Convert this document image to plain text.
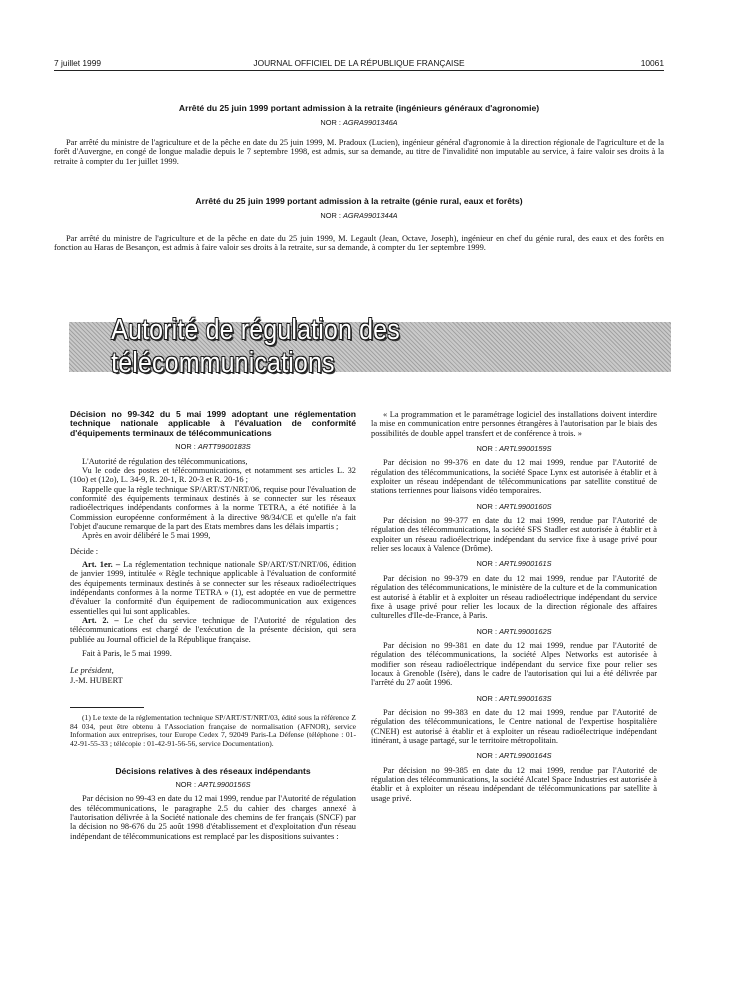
7 juillet 1999	JOURNAL OFFICIEL DE LA RÉPUBLIQUE FRANÇAISE	10061
Arrêté du 25 juin 1999 portant admission à la retraite (ingénieurs généraux d'agronomie)
NOR : AGRA9901346A

Par arrêté du ministre de l'agriculture et de la pêche en date du 25 juin 1999, M. Pradoux (Lucien), ingénieur général d'agronomie à la direction régionale de l'agriculture et de la forêt d'Auvergne, en congé de longue maladie depuis le 7 septembre 1998, est admis, sur sa demande, au titre de l'invalidité non imputable au service, à faire valoir ses droits à la retraite à compter du 1er juillet 1999.

Arrêté du 25 juin 1999 portant admission à la retraite (génie rural, eaux et forêts)
NOR : AGRA9901344A

Par arrêté du ministre de l'agriculture et de la pêche en date du 25 juin 1999, M. Legault (Jean, Octave, Joseph), ingénieur en chef du génie rural, des eaux et des forêts en fonction au Haras de Besançon, est admis à faire valoir ses droits à la retraite, sur sa demande, à compter du 1er septembre 1999.

Autorité de régulation des télécommunications
Décision no 99-342 du 5 mai 1999 adoptant une réglementation technique nationale applicable à l'évaluation de conformité d'équipements terminaux de télécommunications
NOR : ARTT9900183S

L'Autorité de régulation des télécommunications,

Vu le code des postes et télécommunications, et notamment ses articles L. 32 (10o) et (12o), L. 34-9, R. 20-1, R. 20-3 et R. 20-16 ;

Rappelle que la règle technique SP/ART/ST/NRT/06, requise pour l'évaluation de conformité des équipements terminaux destinés à se connecter sur les réseaux radioélectriques indépendants conformes à la norme TETRA, a été notifiée à la Commission européenne conformément à la directive 98/34/CE et qu'elle n'a fait l'objet d'aucune remarque de la part des Etats membres dans les délais impartis ;

Après en avoir délibéré le 5 mai 1999,

Décide :

Art. 1er. – La réglementation technique nationale SP/ART/ST/NRT/06, édition de janvier 1999, intitulée « Règle technique applicable à l'évaluation de conformité des équipements terminaux destinés à se connecter sur les réseaux radioélectriques indépendants conformes à la norme TETRA » (1), est adoptée en vue de permettre d'évaluer la conformité d'un équipement de radiocommunication aux exigences essentielles qui lui sont applicables.

Art. 2. – Le chef du service technique de l'Autorité de régulation des télécommunications est chargé de l'exécution de la présente décision, qui sera publiée au Journal officiel de la République française.

Fait à Paris, le 5 mai 1999.

Le président,

J.-M. HUBERT

(1) Le texte de la réglementation technique SP/ART/ST/NRT/03, édité sous la référence Z 84 034, peut être obtenu à l'Association française de normalisation (AFNOR), service Information aux entreprises, tour Europe Cedex 7, 92049 Paris-La Défense (téléphone : 01-42-91-55-33 ; télécopie : 01-42-91-56-56, service Documentation).

Décisions relatives à des réseaux indépendants
NOR : ARTL9900156S

Par décision no 99-43 en date du 12 mai 1999, rendue par l'Autorité de régulation des télécommunications, le paragraphe 2.5 du cahier des charges annexé à l'autorisation délivrée à la Société nationale des chemins de fer français (SNCF) par la décision no 98-676 du 25 août 1998 d'établissement et d'exploitation d'un réseau indépendant de télécommunications est remplacé par les dispositions suivantes :

« La programmation et le paramétrage logiciel des installations doivent interdire la mise en communication entre personnes étrangères à l'autorisation par le biais des possibilités de double appel transfert et de conférence à trois. »

NOR : ARTL9900159S

Par décision no 99-376 en date du 12 mai 1999, rendue par l'Autorité de régulation des télécommunications, la société Space Lynx est autorisée à établir et à exploiter un réseau indépendant de télécommunications par satellite constitué de stations terriennes pour liaisons vidéo temporaires.

NOR : ARTL9900160S

Par décision no 99-377 en date du 12 mai 1999, rendue par l'Autorité de régulation des télécommunications, la société SFS Stadler est autorisée à établir et à exploiter un réseau radioélectrique indépendant du service fixe à usage privé pour relier ses locaux à Valence (Drôme).

NOR : ARTL9900161S

Par décision no 99-379 en date du 12 mai 1999, rendue par l'Autorité de régulation des télécommunications, le ministère de la culture et de la communication est autorisé à établir et à exploiter un réseau radioélectrique indépendant du service fixe à usage privé pour relier les locaux de la direction régionale des affaires culturelles d'Ile-de-France, à Paris.

NOR : ARTL9900162S

Par décision no 99-381 en date du 12 mai 1999, rendue par l'Autorité de régulation des télécommunications, la société Alpes Networks est autorisée à modifier son réseau radioélectrique indépendant du service fixe pour relier ses locaux à Grenoble (Isère), dans le cadre de l'autorisation qui lui a été délivrée par l'arrêté du 27 août 1996.

NOR : ARTL9900163S

Par décision no 99-383 en date du 12 mai 1999, rendue par l'Autorité de régulation des télécommunications, le Centre national de l'expertise hospitalière (CNEH) est autorisé à établir et à exploiter un réseau radioélectrique indépendant itinérant, à usage partagé, sur le territoire métropolitain.

NOR : ARTL9900164S

Par décision no 99-385 en date du 12 mai 1999, rendue par l'Autorité de régulation des télécommunications, la société Alcatel Space Industries est autorisée à établir et à exploiter un réseau indépendant de télécommunications par satellite à usage privé.
